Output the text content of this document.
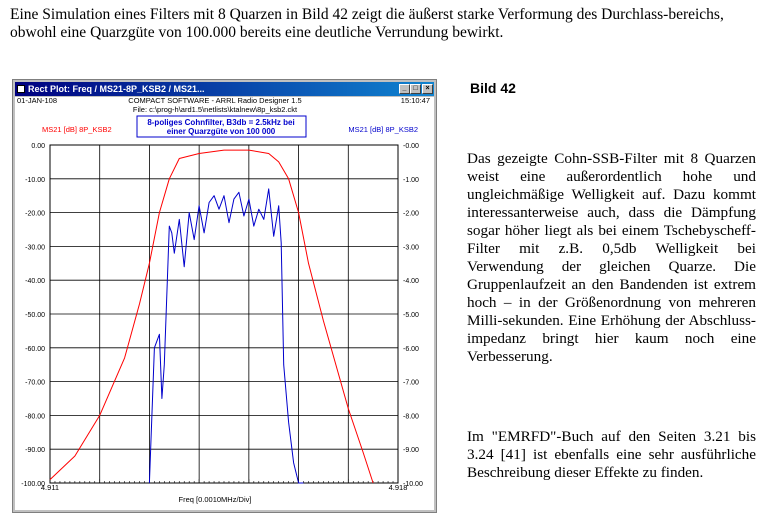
Eine Simulation eines Filters mit 8 Quarzen in Bild 42 zeigt die äußerst starke Verformung des Durchlass-bereichs, obwohl eine Quarzgüte von 100.000 bereits eine deutliche Verrundung bewirkt.

Bild 42

Das gezeigte Cohn-SSB-Filter mit 8 Quarzen weist eine außerordentlich hohe und ungleichmäßige Welligkeit auf. Dazu kommt interessanterweise auch, dass die Dämpfung sogar höher liegt als bei einem Tschebyscheff-Filter mit z.B. 0,5db Welligkeit bei Verwendung der gleichen Quarze. Die Gruppenlaufzeit an den Bandenden ist extrem hoch – in der Größenordnung von mehreren Milli-sekunden. Eine Erhöhung der Abschluss-impedanz bringt hier kaum noch eine Verbesserung.

Im "EMRFD"-Buch auf den Seiten 3.21 bis 3.24 [41] ist ebenfalls eine sehr ausführliche Beschreibung dieser Effekte zu finden.

Rect Plot: Freq / MS21-8P_KSB2 / MS21...	_ □	×
01-JAN-108	COMPACT SOFTWARE - ARRL Radio Designer 1.5	15:10:47
File: c:\prog-h\ard1.5\netlists\ktalnew\8p_ksb2.ckt
8-poliges Cohnfilter, B3db = 2.5kHz bei
einer Quarzgüte von 100 000
MS21 [dB] 8P_KSB2	MS21 [dB] 8P_KSB2
0.00
-10.00
-20.00
-30.00
-40.00
-50.00
-60.00
-70.00
-80.00
-90.00
-100.00
-0.00
-1.00
-2.00
-3.00
-4.00
-5.00
-6.00
-7.00
-8.00
-9.00
-10.00
4.911	4.918
Freq [0.0010MHz/Div]
